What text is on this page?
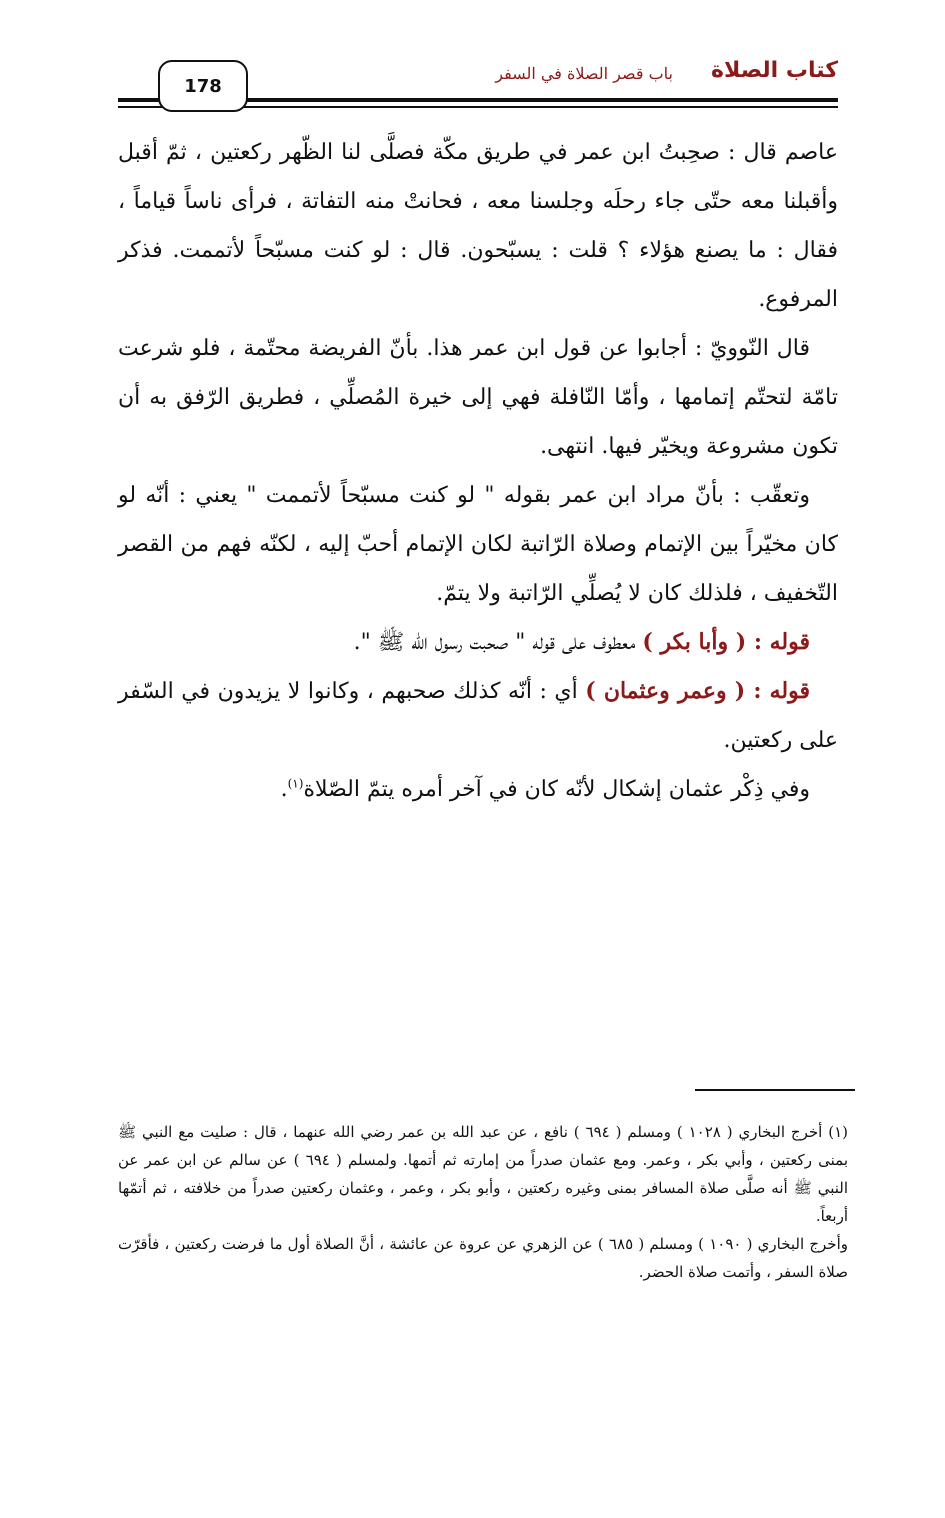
178
باب قصر الصلاة في السفر كتاب الصلاة

عاصم قال : صحِبتُ ابن عمر في طريق مكّة فصلَّى لنا الظّهر ركعتين ، ثمّ أقبل وأقبلنا معه حتّى جاء رحلَه وجلسنا معه ، فحانتْ منه التفاتة ، فرأى ناساً قياماً ، فقال : ما يصنع هؤلاء ؟ قلت : يسبّحون. قال : لو كنت مسبّحاً لأتممت. فذكر المرفوع.

قال النّوويّ : أجابوا عن قول ابن عمر هذا. بأنّ الفريضة محتّمة ، فلو شرعت تامّة لتحتّم إتمامها ، وأمّا النّافلة فهي إلى خيرة المُصلِّي ، فطريق الرّفق به أن تكون مشروعة ويخيّر فيها. انتهى.

وتعقّب : بأنّ مراد ابن عمر بقوله " لو كنت مسبّحاً لأتممت " يعني : أنّه لو كان مخيّراً بين الإتمام وصلاة الرّاتبة لكان الإتمام أحبّ إليه ، لكنّه فهم من القصر التّخفيف ، فلذلك كان لا يُصلِّي الرّاتبة ولا يتمّ.

قوله : ( وأبا بكر ) معطوف على قوله " صحبت رسول الله ﷺ ".

قوله : ( وعمر وعثمان ) أي : أنّه كذلك صحبهم ، وكانوا لا يزيدون في السّفر على ركعتين.

وفي ذِكْر عثمان إشكال لأنّه كان في آخر أمره يتمّ الصّلاة$^{(١)}$.

(١) أخرج البخاري ( ١٠٢٨ ) ومسلم ( ٦٩٤ ) نافع ، عن عبد الله بن عمر رضي الله عنهما ، قال : صليت مع النبي ﷺ بمنى ركعتين ، وأبي بكر ، وعمر. ومع عثمان صدراً من إمارته ثم أتمها. ولمسلم ( ٦٩٤ ) عن سالم عن ابن عمر عن النبي ﷺ أنه صلَّى صلاة المسافر بمنى وغيره ركعتين ، وأبو بكر ، وعمر ، وعثمان ركعتين صدراً من خلافته ، ثم أتمّها أربعاً.

وأخرج البخاري ( ١٠٩٠ ) ومسلم ( ٦٨٥ ) عن الزهري عن عروة عن عائشة ، أنَّ الصلاة أول ما فرضت ركعتين ، فأقرّت صلاة السفر ، وأتمت صلاة الحضر.
